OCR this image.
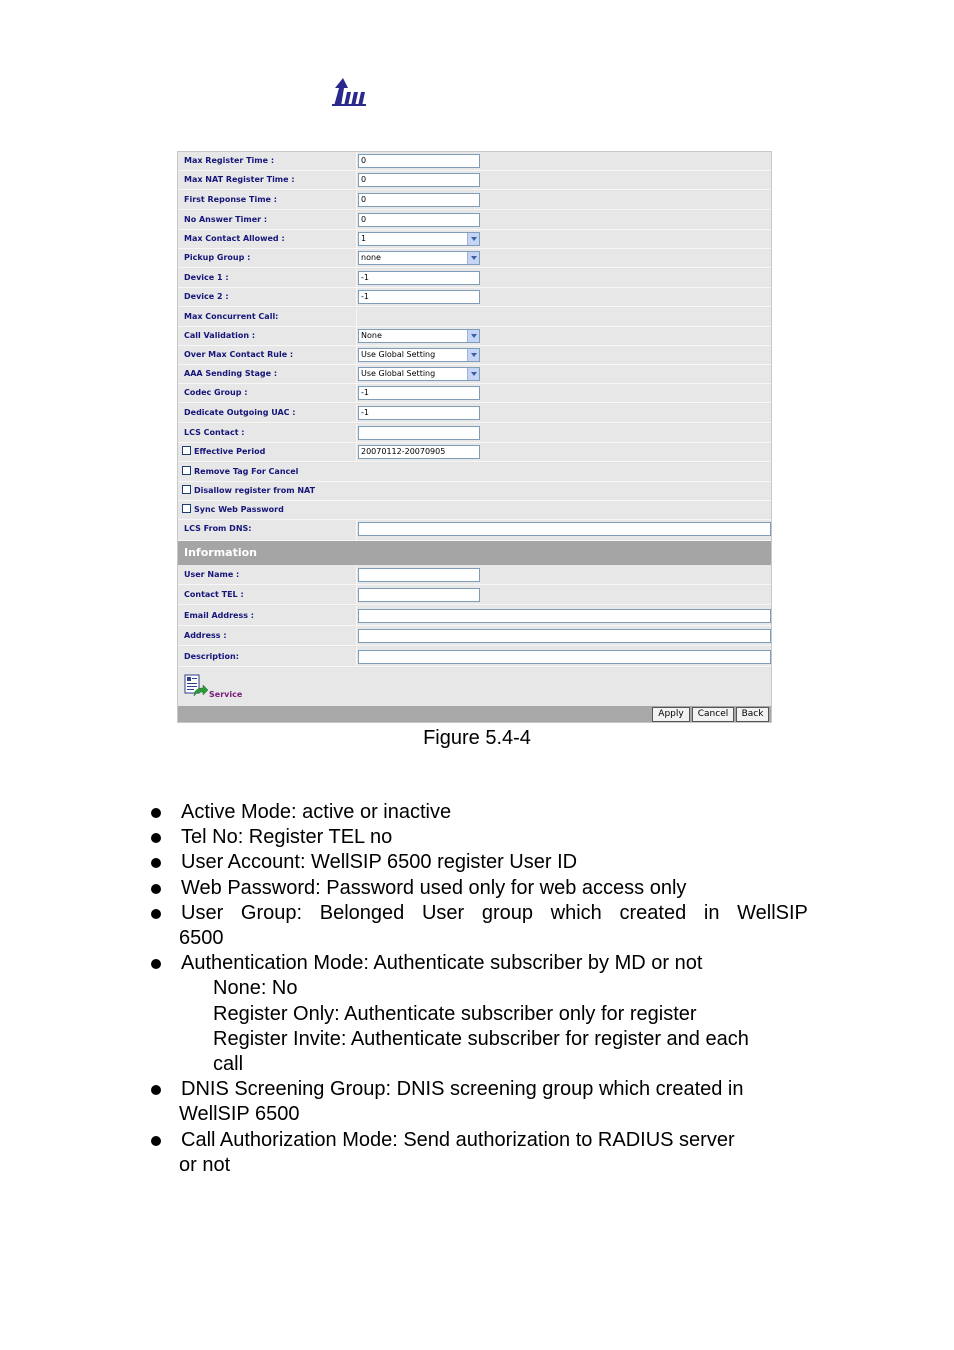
Max Register Time :	0
Max NAT Register Time :	0
First Reponse Time :	0
No Answer Timer :	0
Max Contact Allowed :	1
Pickup Group :	none
Device 1 :	-1
Device 2 :	-1
Max Concurrent Call:
Call Validation :	None
Over Max Contact Rule :	Use Global Setting
AAA Sending Stage :	Use Global Setting
Codec Group :	-1
Dedicate Outgoing UAC :	-1
LCS Contact :
Effective Period	20070112-20070905
Remove Tag For Cancel
Disallow register from NAT
Sync Web Password
LCS From DNS:
Information
User Name :
Contact TEL :
Email Address :
Address :
Description:
Service
Apply	Cancel	Back
Figure 5.4-4
Active Mode: active or inactive
Tel No: Register TEL no
User Account: WellSIP 6500 register User ID
Web Password: Password used only for web access only
User Group: Belonged User group which created in WellSIP
6500
Authentication Mode: Authenticate subscriber by MD or not
None: No
Register Only: Authenticate subscriber only for register
Register Invite: Authenticate subscriber for register and each
call
DNIS Screening Group: DNIS screening group which created in
WellSIP 6500
Call Authorization Mode: Send authorization to RADIUS server
or not
